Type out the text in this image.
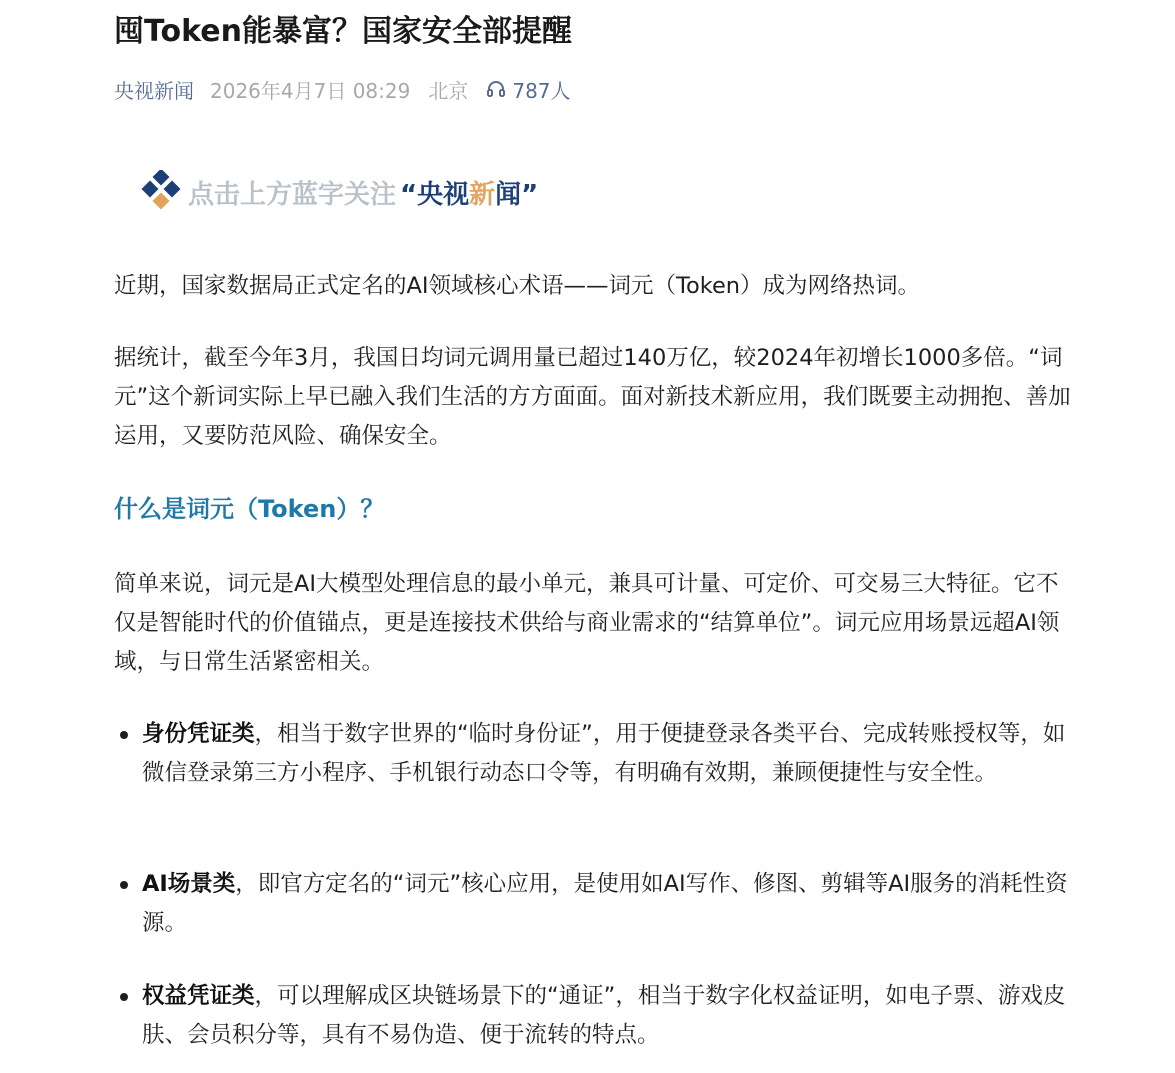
囤Token能暴富？国家安全部提醒
央视新闻 2026年4月7日 08:29 北京 787人
点击上方蓝字关注 “央视新闻”

近期，国家数据局正式定名的AI领域核心术语——词元（Token）成为网络热词。

据统计，截至今年3月，我国日均词元调用量已超过140万亿，较2024年初增长1000多倍。“词元”这个新词实际上早已融入我们生活的方方面面。面对新技术新应用，我们既要主动拥抱、善加运用，又要防范风险、确保安全。

什么是词元（Token）？

简单来说，词元是AI大模型处理信息的最小单元，兼具可计量、可定价、可交易三大特征。它不仅是智能时代的价值锚点，更是连接技术供给与商业需求的“结算单位”。词元应用场景远超AI领域，与日常生活紧密相关。

身份凭证类，相当于数字世界的“临时身份证”，用于便捷登录各类平台、完成转账授权等，如微信登录第三方小程序、手机银行动态口令等，有明确有效期，兼顾便捷性与安全性。
AI场景类，即官方定名的“词元”核心应用，是使用如AI写作、修图、剪辑等AI服务的消耗性资源。
权益凭证类，可以理解成区块链场景下的“通证”，相当于数字化权益证明，如电子票、游戏皮肤、会员积分等，具有不易伪造、便于流转的特点。
